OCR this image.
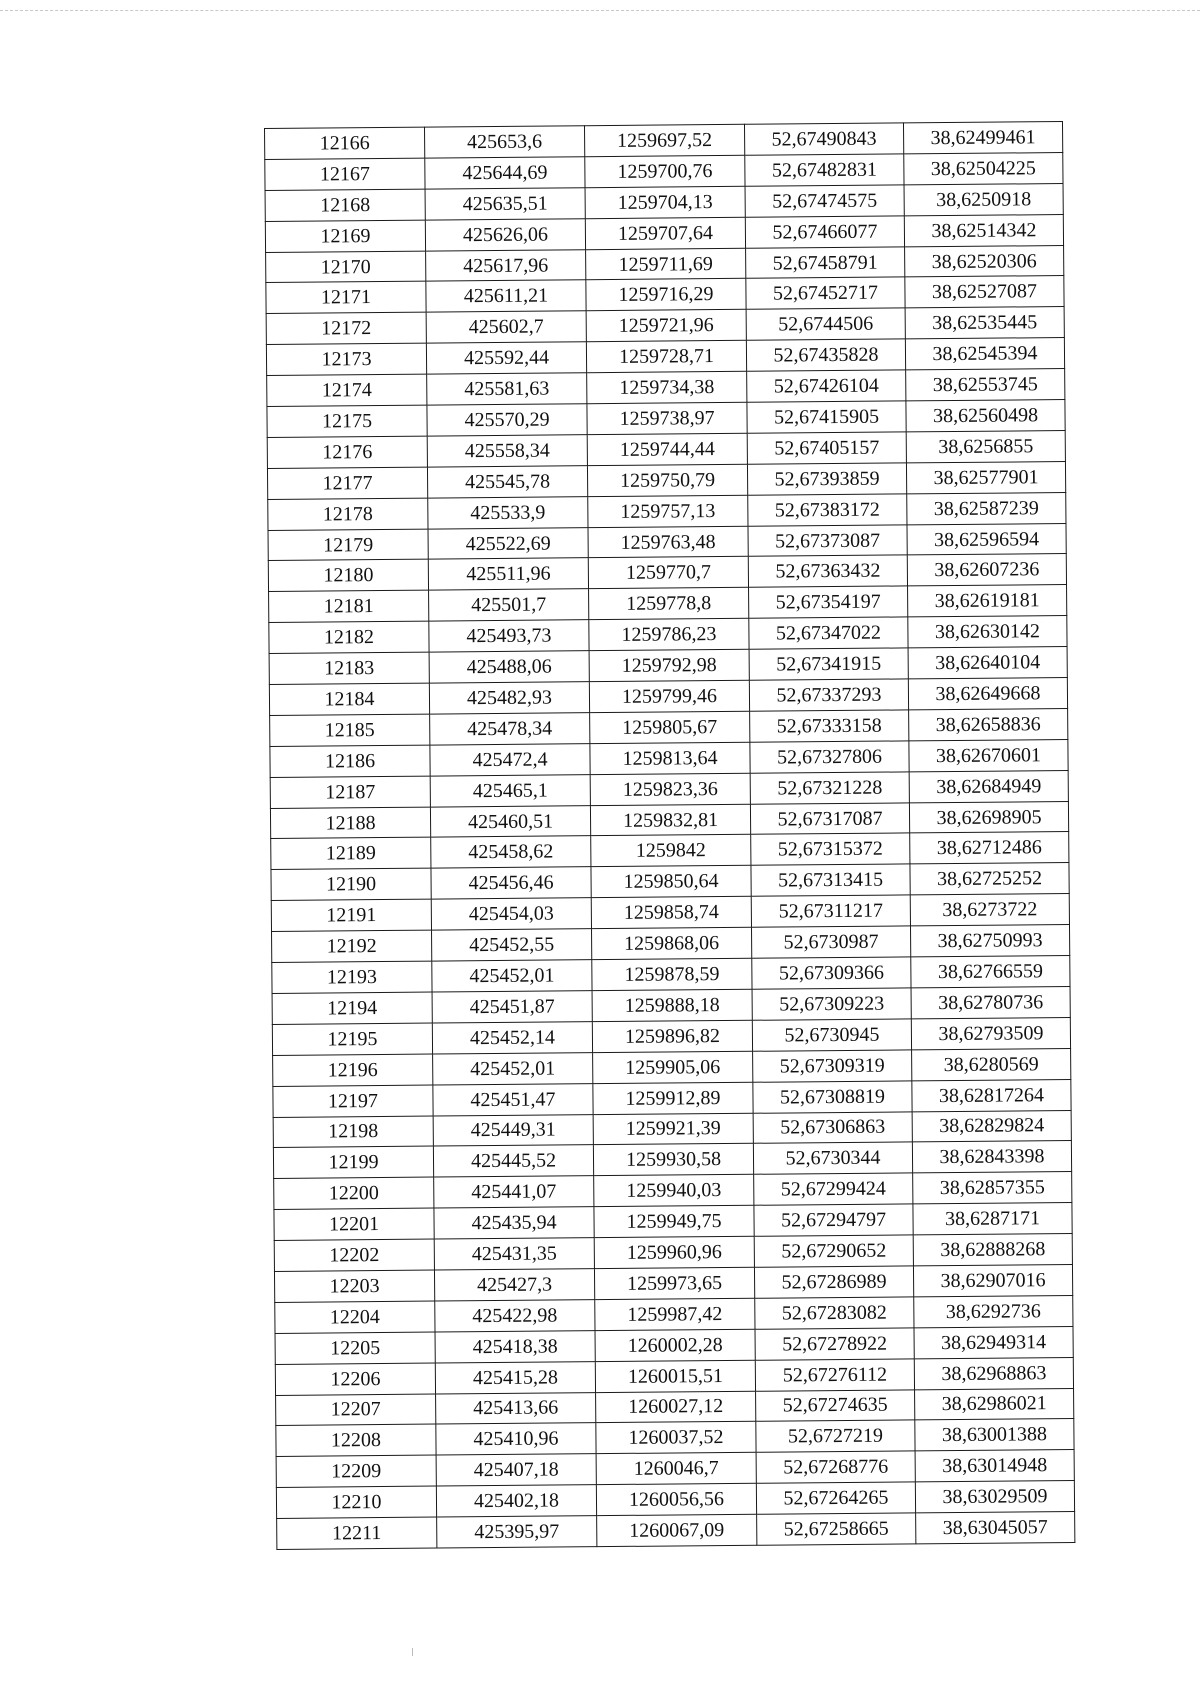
12166	425653,6	1259697,52	52,67490843	38,62499461
12167	425644,69	1259700,76	52,67482831	38,62504225
12168	425635,51	1259704,13	52,67474575	38,6250918
12169	425626,06	1259707,64	52,67466077	38,62514342
12170	425617,96	1259711,69	52,67458791	38,62520306
12171	425611,21	1259716,29	52,67452717	38,62527087
12172	425602,7	1259721,96	52,6744506	38,62535445
12173	425592,44	1259728,71	52,67435828	38,62545394
12174	425581,63	1259734,38	52,67426104	38,62553745
12175	425570,29	1259738,97	52,67415905	38,62560498
12176	425558,34	1259744,44	52,67405157	38,6256855
12177	425545,78	1259750,79	52,67393859	38,62577901
12178	425533,9	1259757,13	52,67383172	38,62587239
12179	425522,69	1259763,48	52,67373087	38,62596594
12180	425511,96	1259770,7	52,67363432	38,62607236
12181	425501,7	1259778,8	52,67354197	38,62619181
12182	425493,73	1259786,23	52,67347022	38,62630142
12183	425488,06	1259792,98	52,67341915	38,62640104
12184	425482,93	1259799,46	52,67337293	38,62649668
12185	425478,34	1259805,67	52,67333158	38,62658836
12186	425472,4	1259813,64	52,67327806	38,62670601
12187	425465,1	1259823,36	52,67321228	38,62684949
12188	425460,51	1259832,81	52,67317087	38,62698905
12189	425458,62	1259842	52,67315372	38,62712486
12190	425456,46	1259850,64	52,67313415	38,62725252
12191	425454,03	1259858,74	52,67311217	38,6273722
12192	425452,55	1259868,06	52,6730987	38,62750993
12193	425452,01	1259878,59	52,67309366	38,62766559
12194	425451,87	1259888,18	52,67309223	38,62780736
12195	425452,14	1259896,82	52,6730945	38,62793509
12196	425452,01	1259905,06	52,67309319	38,6280569
12197	425451,47	1259912,89	52,67308819	38,62817264
12198	425449,31	1259921,39	52,67306863	38,62829824
12199	425445,52	1259930,58	52,6730344	38,62843398
12200	425441,07	1259940,03	52,67299424	38,62857355
12201	425435,94	1259949,75	52,67294797	38,6287171
12202	425431,35	1259960,96	52,67290652	38,62888268
12203	425427,3	1259973,65	52,67286989	38,62907016
12204	425422,98	1259987,42	52,67283082	38,6292736
12205	425418,38	1260002,28	52,67278922	38,62949314
12206	425415,28	1260015,51	52,67276112	38,62968863
12207	425413,66	1260027,12	52,67274635	38,62986021
12208	425410,96	1260037,52	52,6727219	38,63001388
12209	425407,18	1260046,7	52,67268776	38,63014948
12210	425402,18	1260056,56	52,67264265	38,63029509
12211	425395,97	1260067,09	52,67258665	38,63045057
